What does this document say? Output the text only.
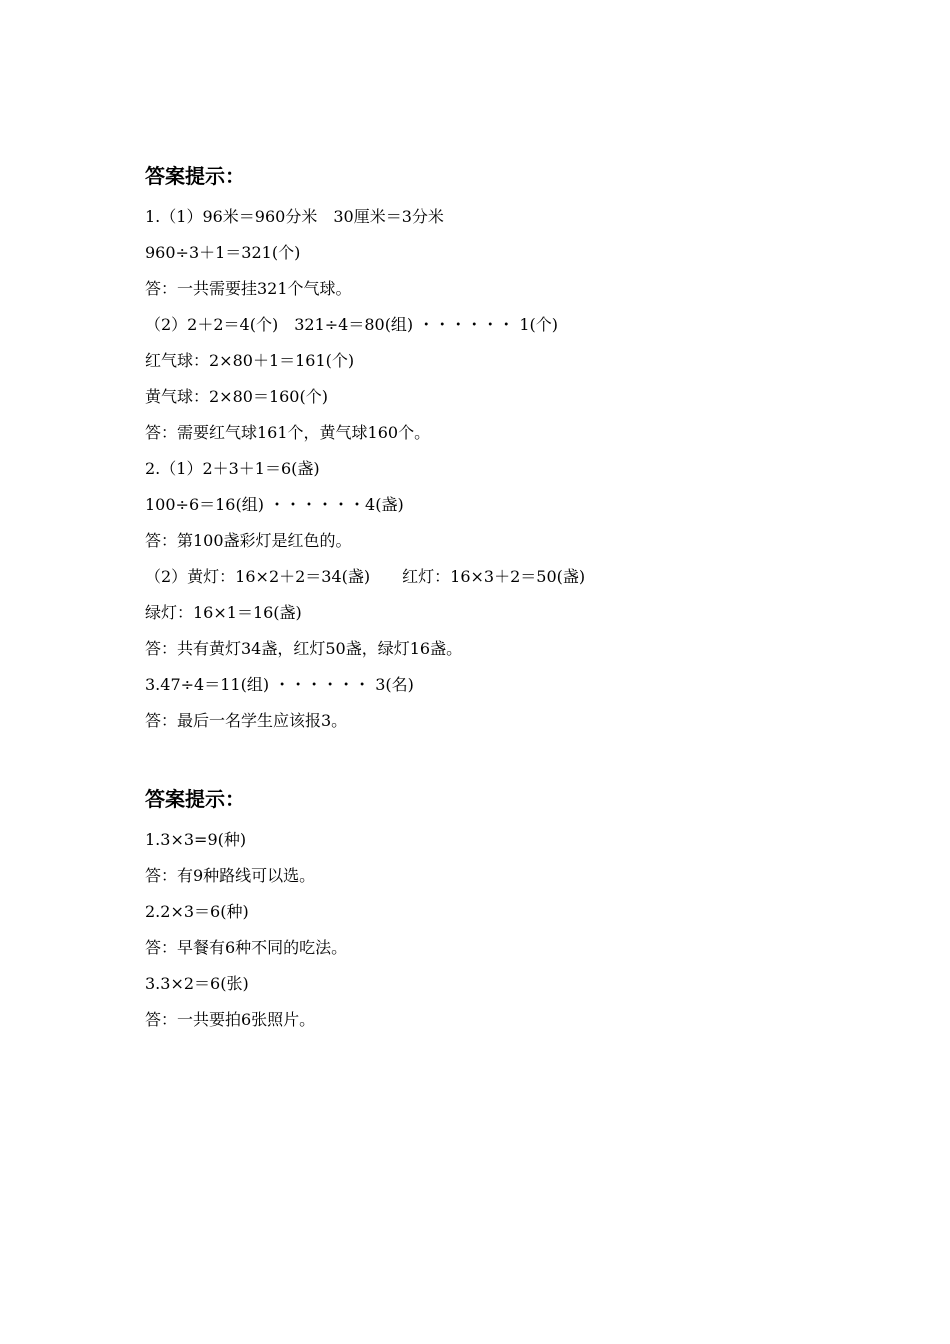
答案提示：
1.（1）96米＝960分米　30厘米＝3分米
960÷3＋1＝321(个)
答：一共需要挂321个气球。
（2）2＋2＝4(个)　321÷4＝80(组) ・・・・・・ 1(个)
红气球：2×80＋1＝161(个)
黄气球：2×80＝160(个)
答：需要红气球161个，黄气球160个。
2.（1）2＋3＋1＝6(盏)
100÷6＝16(组) ・・・・・・4(盏)
答：第100盏彩灯是红色的。
（2）黄灯：16×2＋2＝34(盏)　　红灯：16×3＋2＝50(盏)
绿灯：16×1＝16(盏)
答：共有黄灯34盏，红灯50盏，绿灯16盏。
3.47÷4＝11(组) ・・・・・・ 3(名)
答：最后一名学生应该报3。
答案提示：
1.3×3=9(种)
答：有9种路线可以选。
2.2×3＝6(种)
答：早餐有6种不同的吃法。
3.3×2＝6(张)
答：一共要拍6张照片。
